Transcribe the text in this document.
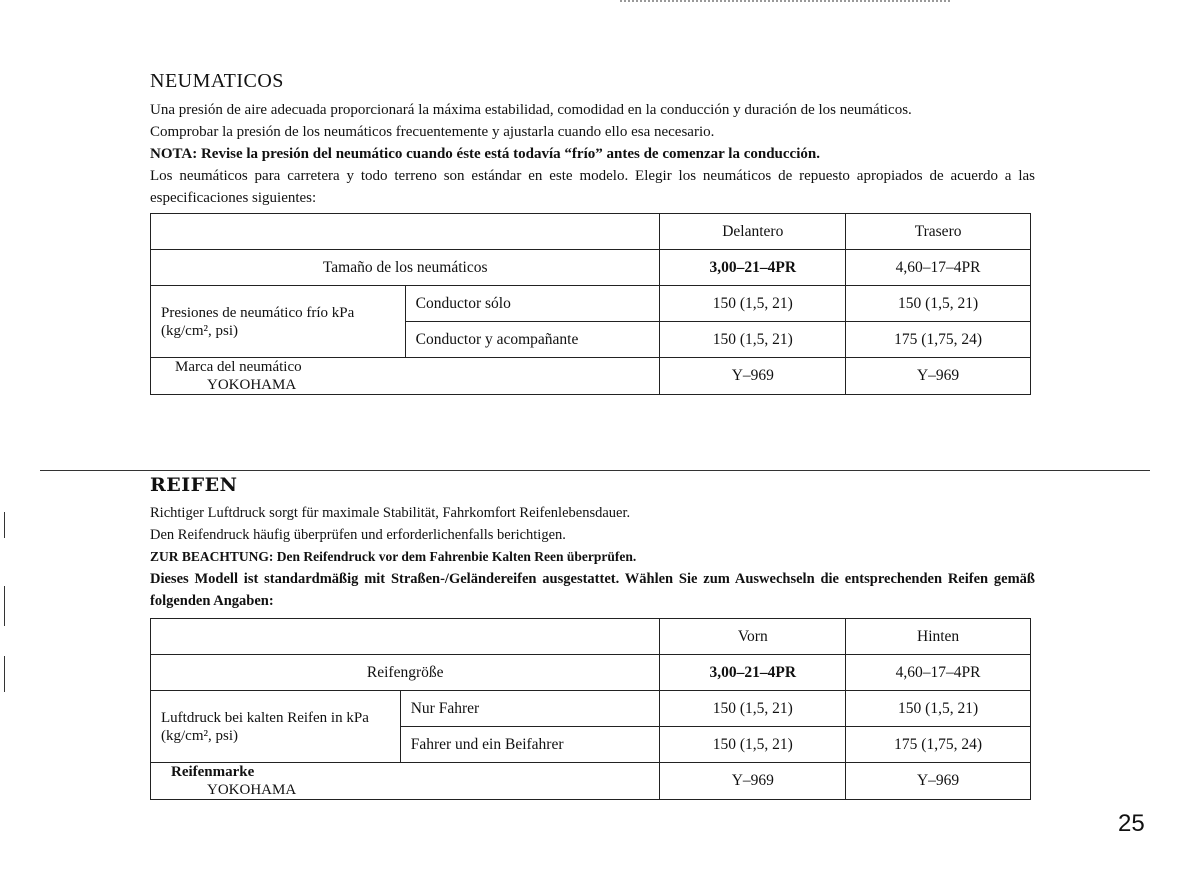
NEUMATICOS

Una presión de aire adecuada proporcionará la máxima estabilidad, comodidad en la conducción y duración de los neumáticos.

Comprobar la presión de los neumáticos frecuentemente y ajustarla cuando ello esa necesario.

NOTA: Revise la presión del neumático cuando éste está todavía “frío” antes de comenzar la conducción.

Los neumáticos para carretera y todo terreno son estándar en este modelo. Elegir los neumáticos de repuesto apropiados de acuerdo a las especificaciones siguientes:

		Delantero	Trasero
Tamaño de los neumáticos		3,00–21–4PR	4,60–17–4PR
Presiones de neumático frío kPa (kg/cm², psi)	Conductor sólo	150 (1,5, 21)	150 (1,5, 21)
	Conductor y acompañante	150 (1,5, 21)	175 (1,75, 24)

Marca del neumático
YOKOHAMA		Y–969	Y–969
REIFEN

Richtiger Luftdruck sorgt für maximale Stabilität, Fahrkomfort Reifenlebensdauer.

Den Reifendruck häufig überprüfen und erforderlichenfalls berichtigen.

ZUR BEACHTUNG: Den Reifendruck vor dem Fahrenbie Kalten Reen überprüfen.

Dieses Modell ist standardmäßig mit Straßen-/Geländereifen ausgestattet. Wählen Sie zum Auswechseln die entsprechenden Reifen gemäß folgenden Angaben:

		Vorn	Hinten
Reifengröße		3,00–21–4PR	4,60–17–4PR
Luftdruck bei kalten Reifen in kPa (kg/cm², psi)	Nur Fahrer	150 (1,5, 21)	150 (1,5, 21)
	Fahrer und ein Beifahrer	150 (1,5, 21)	175 (1,75, 24)

Reifenmarke
YOKOHAMA		Y–969	Y–969
25
